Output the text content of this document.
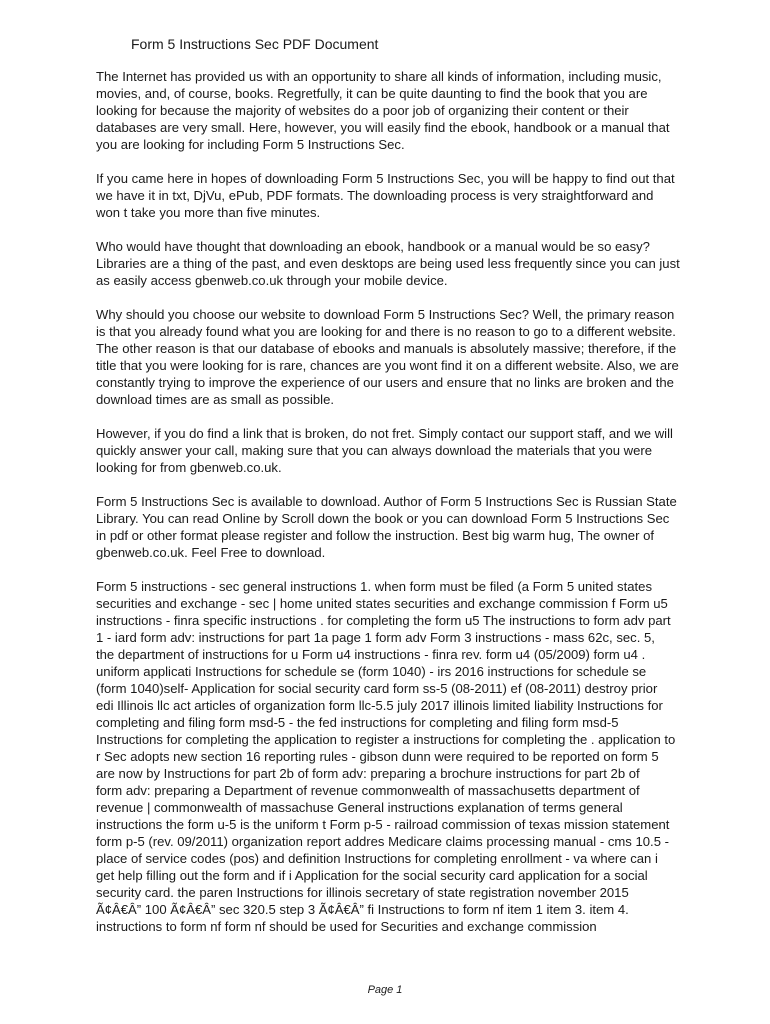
Form 5 Instructions Sec PDF Document

The Internet has provided us with an opportunity to share all kinds of information, including music,
movies, and, of course, books. Regretfully, it can be quite daunting to find the book that you are
looking for because the majority of websites do a poor job of organizing their content or their
databases are very small. Here, however, you will easily find the ebook, handbook or a manual that
you are looking for including Form 5 Instructions Sec.

If you came here in hopes of downloading Form 5 Instructions Sec, you will be happy to find out that
we have it in txt, DjVu, ePub, PDF formats. The downloading process is very straightforward and
won t take you more than five minutes.

Who would have thought that downloading an ebook, handbook or a manual would be so easy?
Libraries are a thing of the past, and even desktops are being used less frequently since you can just
as easily access gbenweb.co.uk through your mobile device.

Why should you choose our website to download Form 5 Instructions Sec? Well, the primary reason
is that you already found what you are looking for and there is no reason to go to a different website.
The other reason is that our database of ebooks and manuals is absolutely massive; therefore, if the
title that you were looking for is rare, chances are you wont find it on a different website. Also, we are
constantly trying to improve the experience of our users and ensure that no links are broken and the
download times are as small as possible.

However, if you do find a link that is broken, do not fret. Simply contact our support staff, and we will
quickly answer your call, making sure that you can always download the materials that you were
looking for from gbenweb.co.uk.

Form 5 Instructions Sec is available to download. Author of Form 5 Instructions Sec is Russian State
Library. You can read Online by Scroll down the book or you can download Form 5 Instructions Sec
in pdf or other format please register and follow the instruction. Best big warm hug, The owner of
gbenweb.co.uk. Feel Free to download.

Form 5 instructions - sec general instructions 1. when form must be filed (a Form 5 united states
securities and exchange - sec | home united states securities and exchange commission f Form u5
instructions - finra specific instructions . for completing the form u5 The instructions to form adv part
1 - iard form adv: instructions for part 1a page 1 form adv Form 3 instructions - mass 62c, sec. 5,
the department of instructions for u Form u4 instructions - finra rev. form u4 (05/2009) form u4 .
uniform applicati Instructions for schedule se (form 1040) - irs 2016 instructions for schedule se
(form 1040)self- Application for social security card form ss-5 (08-2011) ef (08-2011) destroy prior
edi Illinois llc act articles of organization form llc-5.5 july 2017 illinois limited liability Instructions for
completing and filing form msd-5 - the fed instructions for completing and filing form msd-5
Instructions for completing the application to register a instructions for completing the . application to
r Sec adopts new section 16 reporting rules - gibson dunn were required to be reported on form 5
are now by Instructions for part 2b of form adv: preparing a brochure instructions for part 2b of
form adv: preparing a Department of revenue commonwealth of massachusetts department of
revenue | commonwealth of massachuse General instructions explanation of terms general
instructions the form u-5 is the uniform t Form p-5 - railroad commission of texas mission statement
form p-5 (rev. 09/2011) organization report addres Medicare claims processing manual - cms 10.5 -
place of service codes (pos) and definition Instructions for completing enrollment - va where can i
get help filling out the form and if i Application for the social security card application for a social
security card. the paren Instructions for illinois secretary of state registration november 2015
Ã¢Â€Â” 100 Ã¢Â€Â” sec 320.5 step 3 Ã¢Â€Â” fi Instructions to form nf item 1 item 3. item 4.
instructions to form nf form nf should be used for Securities and exchange commission

Page 1
